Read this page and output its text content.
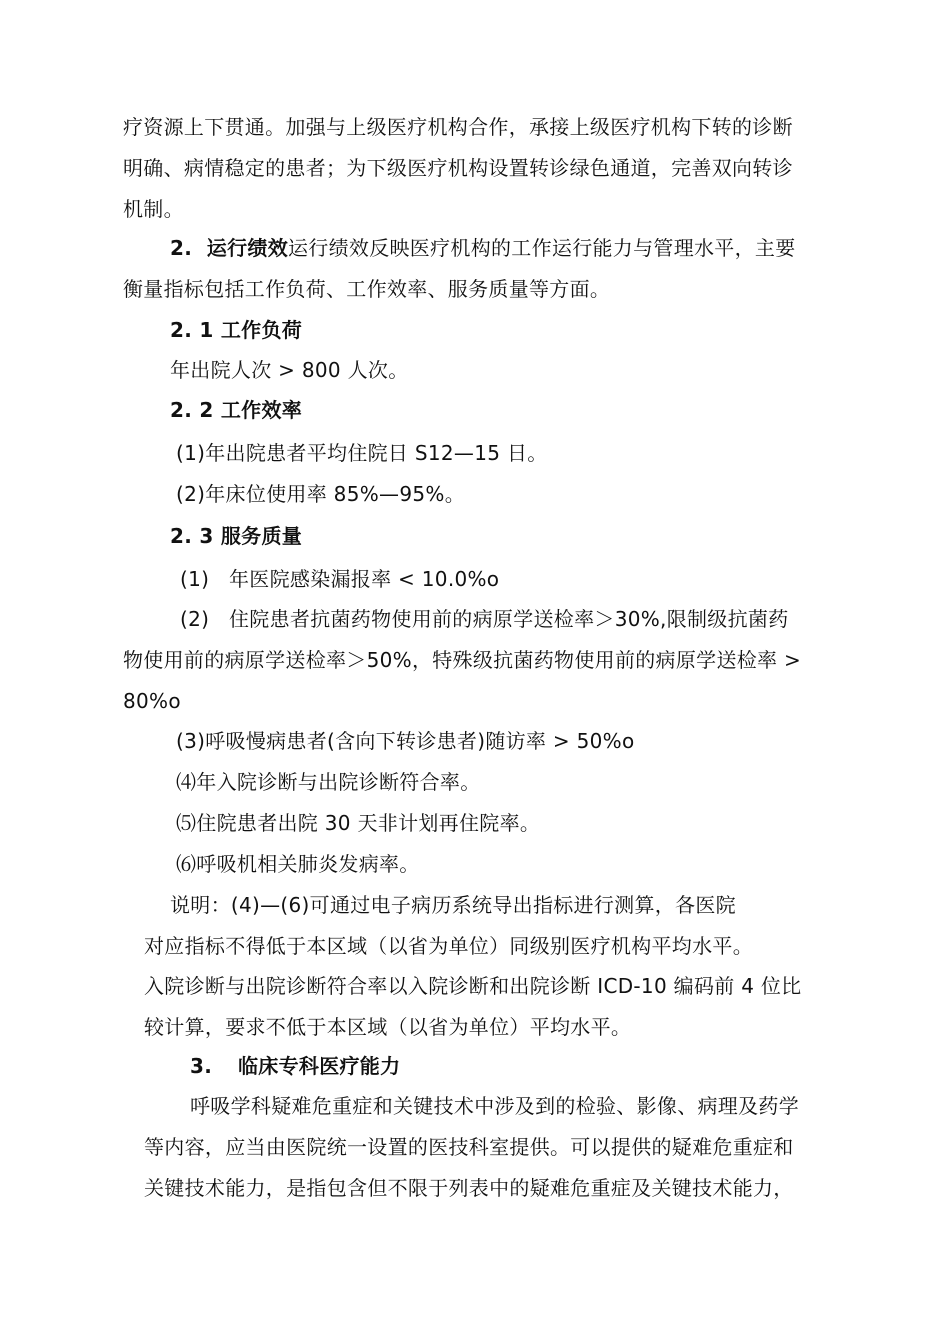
疗资源上下贯通。加强与上级医疗机构合作，承接上级医疗机构下转的诊断
明确、病情稳定的患者；为下级医疗机构设置转诊绿色通道，完善双向转诊
机制。
2. 运行绩效运行绩效反映医疗机构的工作运行能力与管理水平，主要
衡量指标包括工作负荷、工作效率、服务质量等方面。
2. 1 工作负荷
年出院人次 > 800 人次。
2. 2 工作效率
(1)年出院患者平均住院日 S12—15 日。
(2)年床位使用率 85%—95%。
2. 3 服务质量
(1) 年医院感染漏报率 < 10.0%o
(2) 住院患者抗菌药物使用前的病原学送检率＞30%,限制级抗菌药
物使用前的病原学送检率＞50%，特殊级抗菌药物使用前的病原学送检率 >
80%o
(3)呼吸慢病患者(含向下转诊患者)随访率 > 50%o
⑷年入院诊断与出院诊断符合率。
⑸住院患者出院 30 天非计划再住院率。
⑹呼吸机相关肺炎发病率。
说明：(4)—(6)可通过电子病历系统导出指标进行测算，各医院
对应指标不得低于本区域（以省为单位）同级别医疗机构平均水平。
入院诊断与出院诊断符合率以入院诊断和出院诊断 ICD-10 编码前 4 位比
较计算，要求不低于本区域（以省为单位）平均水平。
3. 临床专科医疗能力
呼吸学科疑难危重症和关键技术中涉及到的检验、影像、病理及药学
等内容，应当由医院统一设置的医技科室提供。可以提供的疑难危重症和
关键技术能力，是指包含但不限于列表中的疑难危重症及关键技术能力，
